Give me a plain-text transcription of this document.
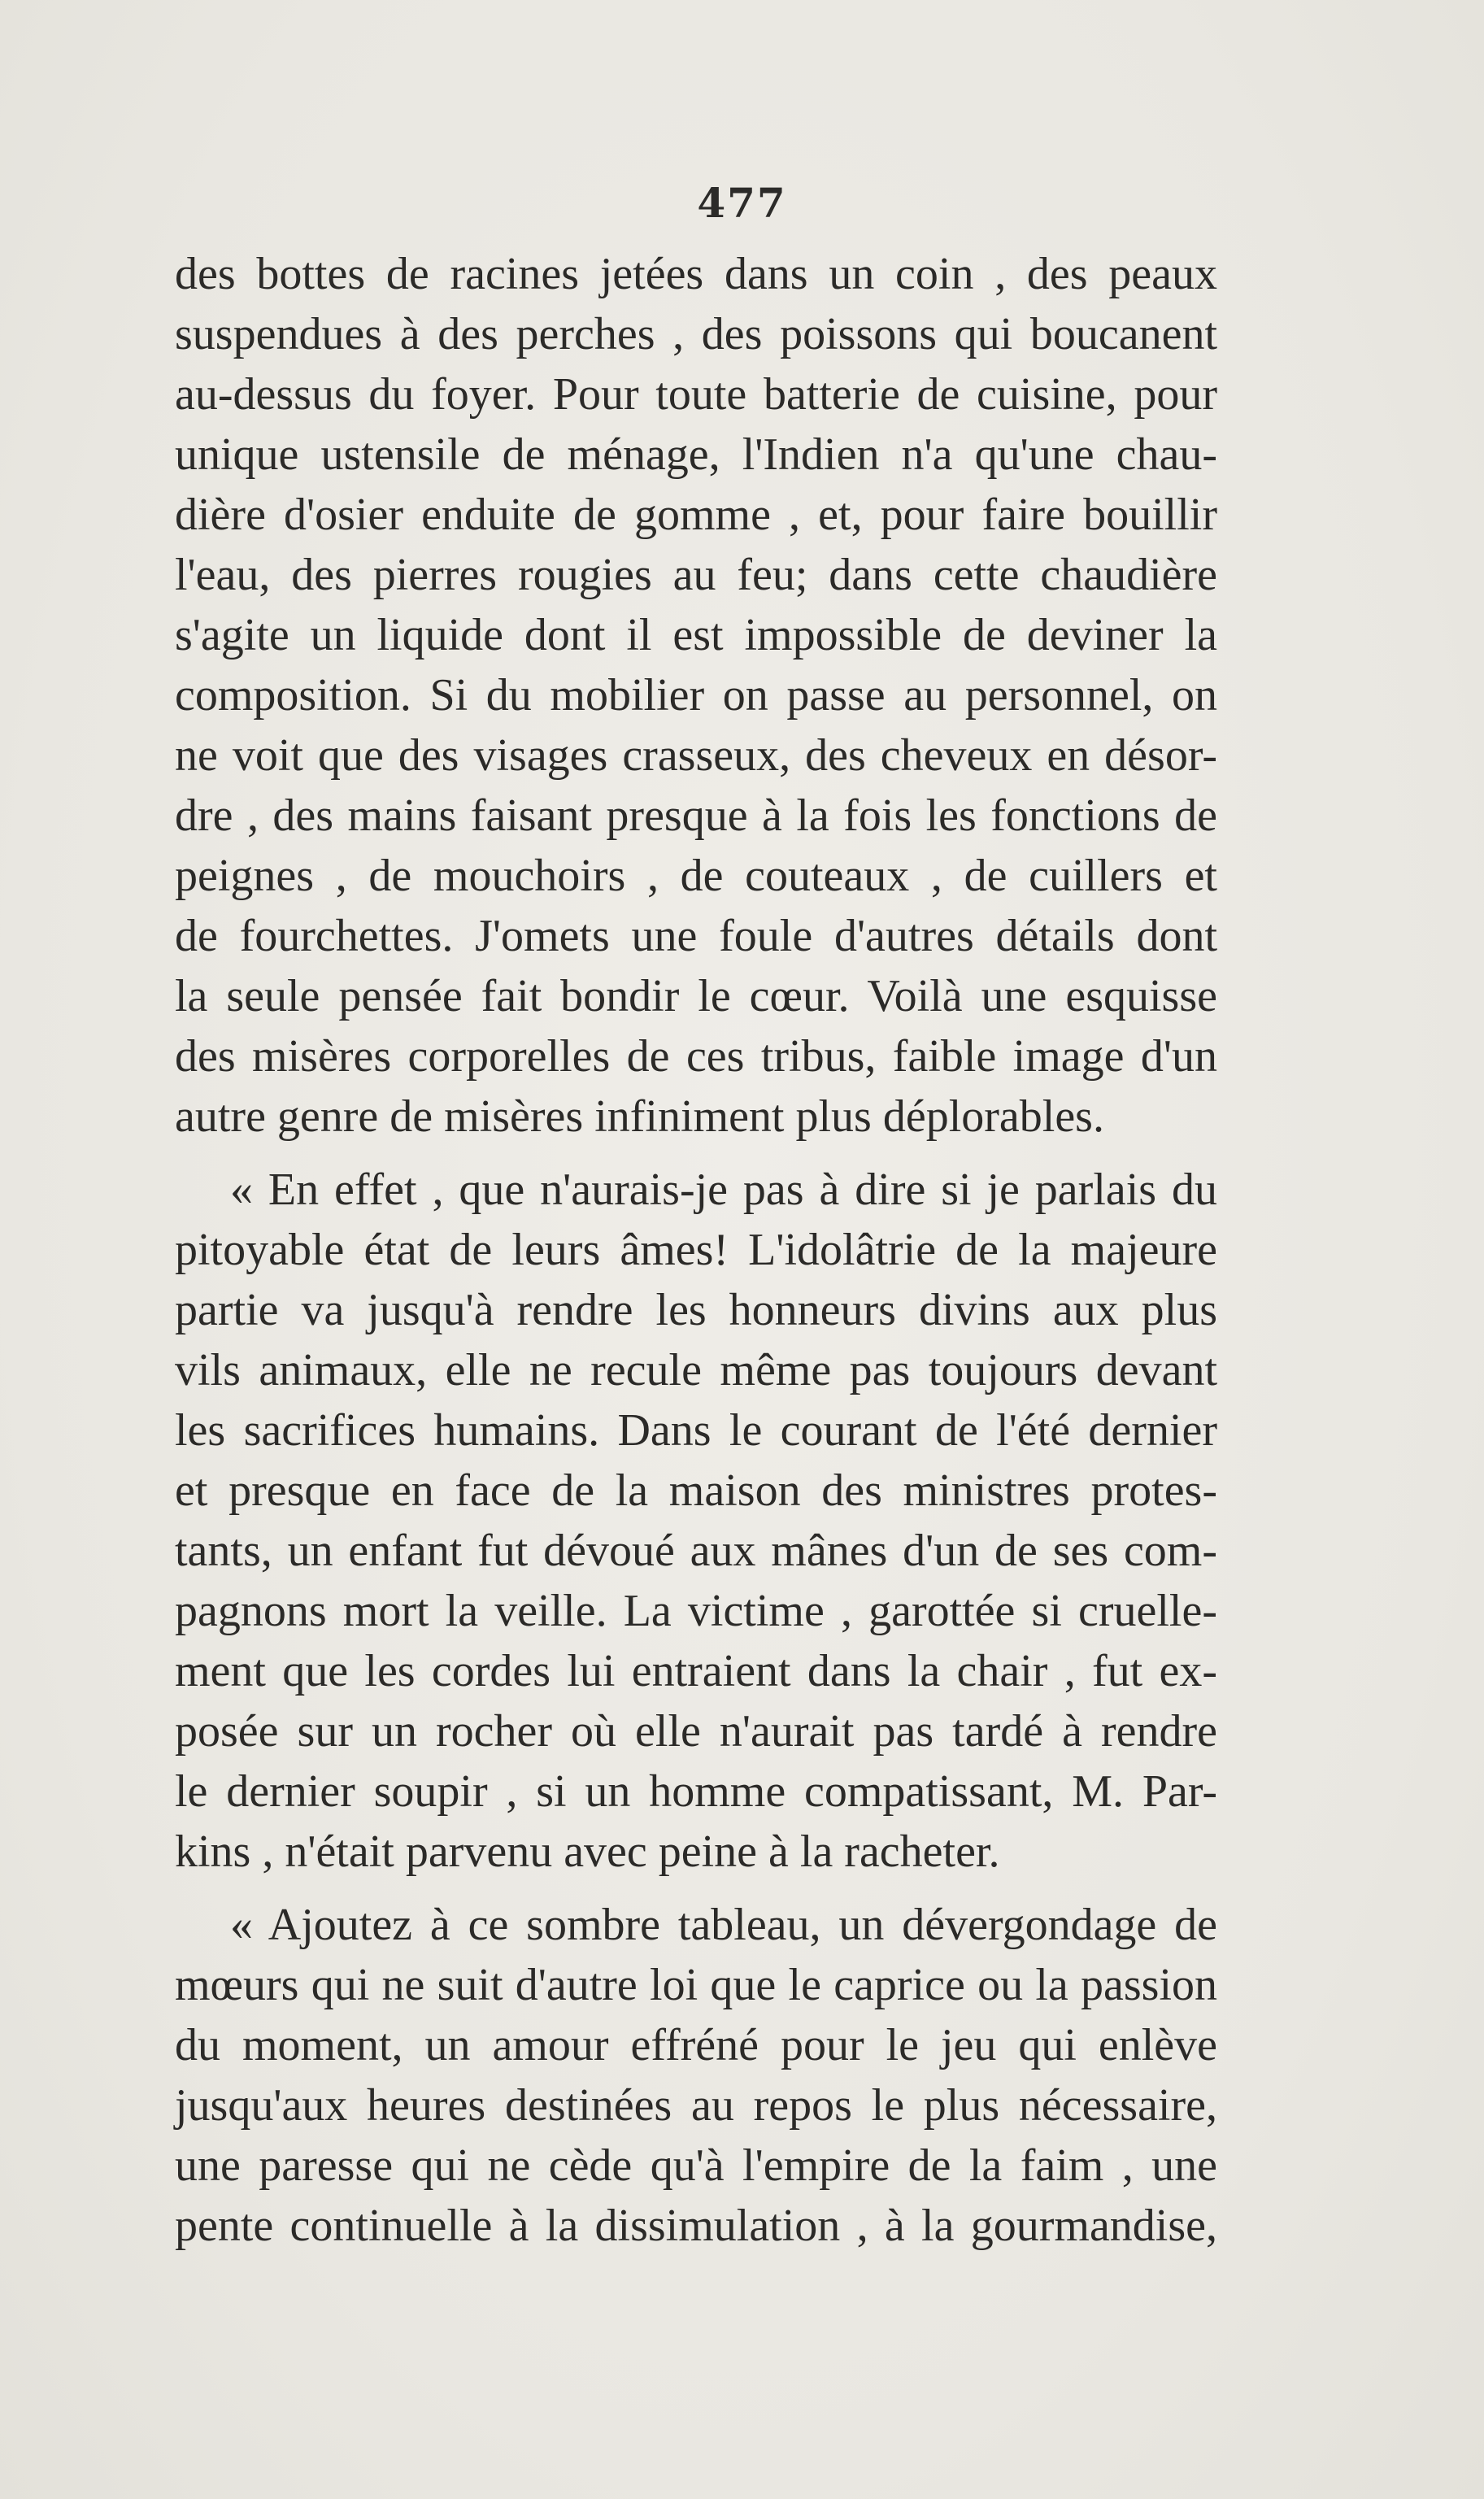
477
des bottes de racines jetées dans un coin , des peaux
suspendues à des perches , des poissons qui boucanent
au-dessus du foyer. Pour toute batterie de cuisine, pour
unique ustensile de ménage, l'Indien n'a qu'une chau-
dière d'osier enduite de gomme , et, pour faire bouillir
l'eau, des pierres rougies au feu; dans cette chaudière
s'agite un liquide dont il est impossible de deviner la
composition. Si du mobilier on passe au personnel, on
ne voit que des visages crasseux, des cheveux en désor-
dre , des mains faisant presque à la fois les fonctions de
peignes , de mouchoirs , de couteaux , de cuillers et
de fourchettes. J'omets une foule d'autres détails dont
la seule pensée fait bondir le cœur. Voilà une esquisse
des misères corporelles de ces tribus, faible image d'un
autre genre de misères infiniment plus déplorables.
« En effet , que n'aurais-je pas à dire si je parlais du
pitoyable état de leurs âmes! L'idolâtrie de la majeure
partie va jusqu'à rendre les honneurs divins aux plus
vils animaux, elle ne recule même pas toujours devant
les sacrifices humains. Dans le courant de l'été dernier
et presque en face de la maison des ministres protes-
tants, un enfant fut dévoué aux mânes d'un de ses com-
pagnons mort la veille. La victime , garottée si cruelle-
ment que les cordes lui entraient dans la chair , fut ex-
posée sur un rocher où elle n'aurait pas tardé à rendre
le dernier soupir , si un homme compatissant, M. Par-
kins , n'était parvenu avec peine à la racheter.
« Ajoutez à ce sombre tableau, un dévergondage de
mœurs qui ne suit d'autre loi que le caprice ou la passion
du moment, un amour effréné pour le jeu qui enlève
jusqu'aux heures destinées au repos le plus nécessaire,
une paresse qui ne cède qu'à l'empire de la faim , une
pente continuelle à la dissimulation , à la gourmandise,
